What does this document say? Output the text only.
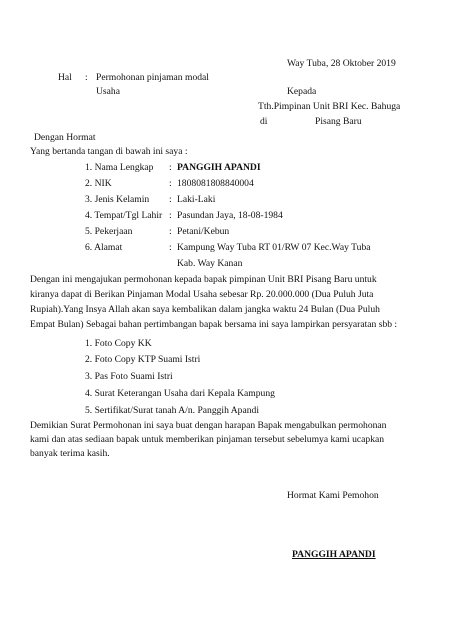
Way Tuba, 28 Oktober 2019
Hal : Permohonan pinjaman modal
Usaha	Kepada
Tth.Pimpinan Unit BRI Kec. Bahuga
di	Pisang Baru
Dengan Hormat
Yang bertanda tangan di bawah ini saya :
1. Nama Lengkap : PANGGIH APANDI
2. NIK	: 1808081808840004
3. Jenis Kelamin : Laki-Laki
4. Tempat/Tgl Lahir : Pasundan Jaya, 18-08-1984
5. Pekerjaan	: Petani/Kebun
6. Alamat	: Kampung Way Tuba RT 01/RW 07 Kec.Way Tuba
Kab. Way Kanan
Dengan ini mengajukan permohonan kepada bapak pimpinan Unit BRI Pisang Baru untuk
kiranya dapat di Berikan Pinjaman Modal Usaha sebesar Rp. 20.000.000 (Dua Puluh Juta
Rupiah).Yang Insya Allah akan saya kembalikan dalam jangka waktu 24 Bulan (Dua Puluh
Empat Bulan) Sebagai bahan pertimbangan bapak bersama ini saya lampirkan persyaratan sbb :
1. Foto Copy KK
2. Foto Copy KTP Suami Istri
3. Pas Foto Suami Istri
4. Surat Keterangan Usaha dari Kepala Kampung
5. Sertifikat/Surat tanah A/n. Panggih Apandi
Demikian Surat Permohonan ini saya buat dengan harapan Bapak mengabulkan permohonan
kami dan atas sediaan bapak untuk memberikan pinjaman tersebut sebelumya kami ucapkan
banyak terima kasih.
Hormat Kami Pemohon
PANGGIH APANDI
